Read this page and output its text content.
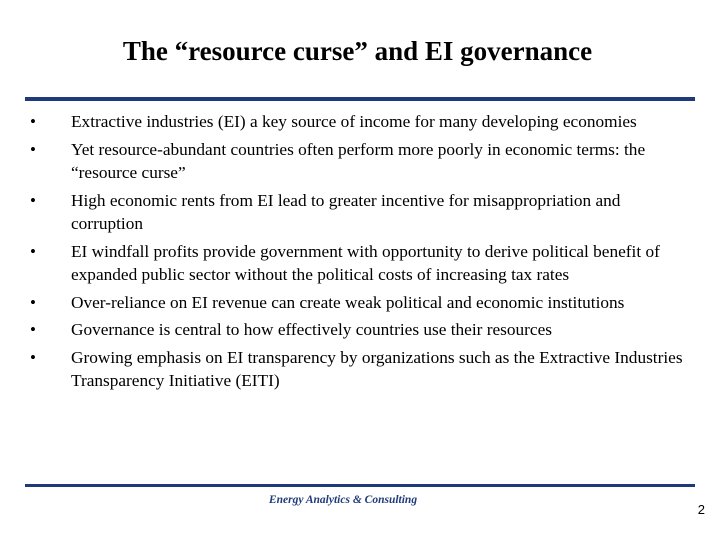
The “resource curse” and EI governance
•	Extractive industries (EI) a key source of income for many developing economies
•	Yet resource-abundant countries often perform more poorly in economic terms: the “resource curse”
•	High economic rents from EI lead to greater incentive for misappropriation and corruption
•	EI windfall profits provide government with opportunity to derive political benefit of expanded public sector without the political costs of increasing tax rates
•	Over-reliance on EI revenue can create weak political and economic institutions
•	Governance is central to how effectively countries use their resources
•	Growing emphasis on EI transparency by organizations such as the Extractive Industries Transparency Initiative (EITI)
Energy Analytics & Consulting
2
